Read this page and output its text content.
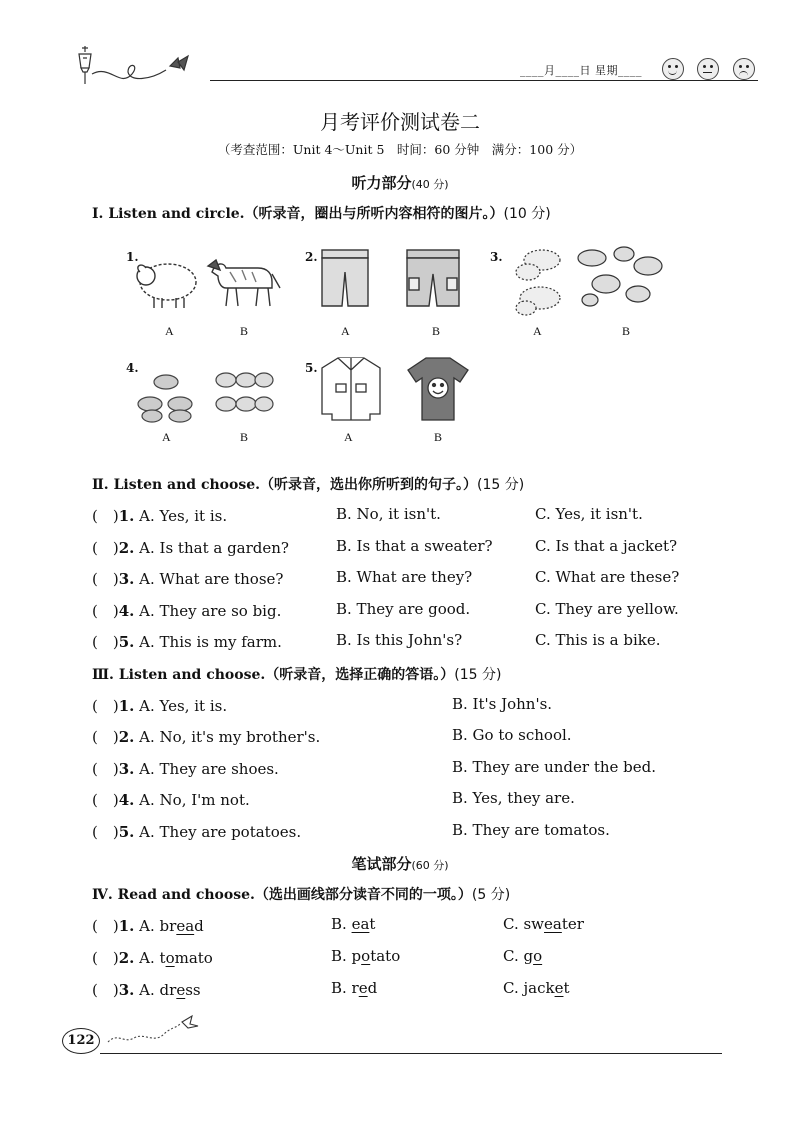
____月____日 星期____
月考评价测试卷二
（考查范围：Unit 4～Unit 5　时间：60 分钟　满分：100 分）
听力部分(40 分)
Ⅰ. Listen and circle.（听录音，圈出与所听内容相符的图片。）(10 分)
1.
A	B
2.
A	B
3.
A	B
4.
A	B
5.
A	B
Ⅱ. Listen and choose.（听录音，选出你所听到的句子。）(15 分)
(　)1. A. Yes, it is.	B. No, it isn't.	C. Yes, it isn't.
(　)2. A. Is that a garden?	B. Is that a sweater?	C. Is that a jacket?
(　)3. A. What are those?	B. What are they?	C. What are these?
(　)4. A. They are so big.	B. They are good.	C. They are yellow.
(　)5. A. This is my farm.	B. Is this John's?	C. This is a bike.
Ⅲ. Listen and choose.（听录音，选择正确的答语。）(15 分)
(　)1. A. Yes, it is.	B. It's John's.
(　)2. A. No, it's my brother's.	B. Go to school.
(　)3. A. They are shoes.	B. They are under the bed.
(　)4. A. No, I'm not.	B. Yes, they are.
(　)5. A. They are potatoes.	B. They are tomatos.
笔试部分(60 分)
Ⅳ. Read and choose.（选出画线部分读音不同的一项。）(5 分)
(　)1. A. bread	B. eat	C. sweater
(　)2. A. tomato	B. potato	C. go
(　)3. A. dress	B. red	C. jacket
122
